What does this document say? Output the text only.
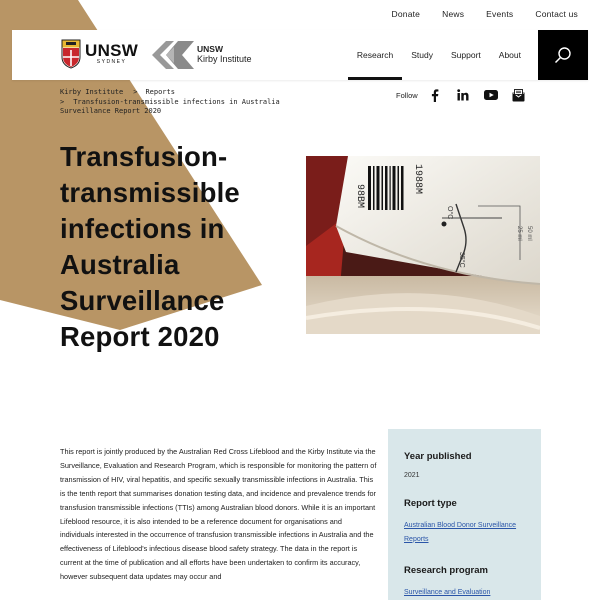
Donate	News	Events	Contact us
UNSW
SYDNEY
UNSW
Kirby Institute	Research	Study	Support	About
Kirby Institute > Reports
> Transfusion-transmissible infections in Australia Surveillance Report 2020
Follow
Transfusion-transmissible infections in Australia Surveillance Report 2020
98BM
1988M
O°C
35°C
25 ml 50 ml

This report is jointly produced by the Australian Red Cross Lifeblood and the Kirby Institute via the Surveillance, Evaluation and Research Program, which is responsible for monitoring the pattern of transmission of HIV, viral hepatitis, and specific sexually transmissible infections in Australia. This is the tenth report that summarises donation testing data, and incidence and prevalence trends for transfusion transmissible infections (TTIs) among Australian blood donors. While it is an important Lifeblood resource, it is also intended to be a reference document for organisations and individuals interested in the occurrence of transfusion transmissible infections in Australia and the effectiveness of Lifeblood's infectious disease blood safety strategy. The data in the report is current at the time of publication and all efforts have been undertaken to confirm its accuracy, however subsequent data updates may occur and

Year published
2021
Report type
Australian Blood Donor Surveillance Reports
Research program
Surveillance and Evaluation
